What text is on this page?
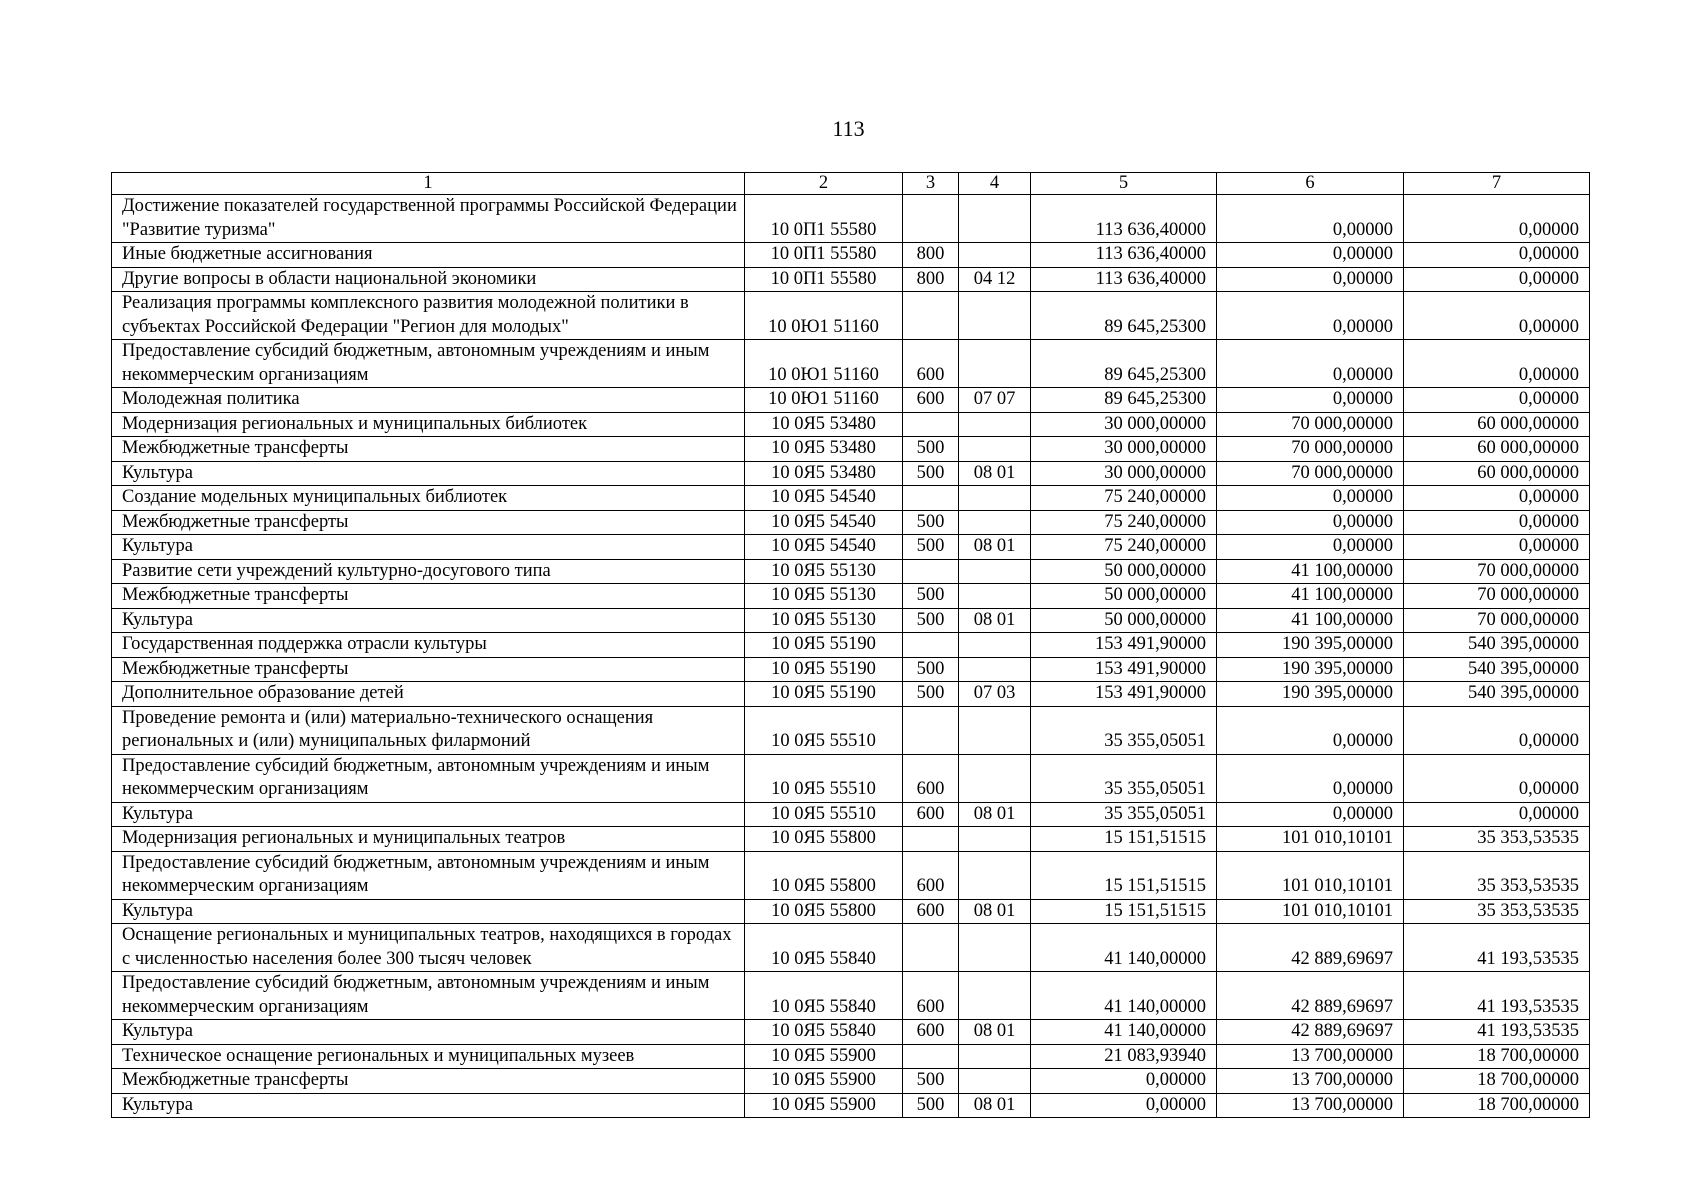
113
1	2	3	4	5	6	7
Достижение показателей государственной программы Российской Федерации "Развитие туризма"	10 0П1 55580			113 636,40000	0,00000	0,00000
Иные бюджетные ассигнования	10 0П1 55580	800		113 636,40000	0,00000	0,00000
Другие вопросы в области национальной экономики	10 0П1 55580	800	04 12	113 636,40000	0,00000	0,00000
Реализация программы комплексного развития молодежной политики в субъектах Российской Федерации "Регион для молодых"	10 0Ю1 51160			89 645,25300	0,00000	0,00000
Предоставление субсидий бюджетным, автономным учреждениям и иным некоммерческим организациям	10 0Ю1 51160	600		89 645,25300	0,00000	0,00000
Молодежная политика	10 0Ю1 51160	600	07 07	89 645,25300	0,00000	0,00000
Модернизация региональных и муниципальных библиотек	10 0Я5 53480			30 000,00000	70 000,00000	60 000,00000
Межбюджетные трансферты	10 0Я5 53480	500		30 000,00000	70 000,00000	60 000,00000
Культура	10 0Я5 53480	500	08 01	30 000,00000	70 000,00000	60 000,00000
Создание модельных муниципальных библиотек	10 0Я5 54540			75 240,00000	0,00000	0,00000
Межбюджетные трансферты	10 0Я5 54540	500		75 240,00000	0,00000	0,00000
Культура	10 0Я5 54540	500	08 01	75 240,00000	0,00000	0,00000
Развитие сети учреждений культурно-досугового типа	10 0Я5 55130			50 000,00000	41 100,00000	70 000,00000
Межбюджетные трансферты	10 0Я5 55130	500		50 000,00000	41 100,00000	70 000,00000
Культура	10 0Я5 55130	500	08 01	50 000,00000	41 100,00000	70 000,00000
Государственная поддержка отрасли культуры	10 0Я5 55190			153 491,90000	190 395,00000	540 395,00000
Межбюджетные трансферты	10 0Я5 55190	500		153 491,90000	190 395,00000	540 395,00000
Дополнительное образование детей	10 0Я5 55190	500	07 03	153 491,90000	190 395,00000	540 395,00000
Проведение ремонта и (или) материально-технического оснащения региональных и (или) муниципальных филармоний	10 0Я5 55510			35 355,05051	0,00000	0,00000
Предоставление субсидий бюджетным, автономным учреждениям и иным некоммерческим организациям	10 0Я5 55510	600		35 355,05051	0,00000	0,00000
Культура	10 0Я5 55510	600	08 01	35 355,05051	0,00000	0,00000
Модернизация региональных и муниципальных театров	10 0Я5 55800			15 151,51515	101 010,10101	35 353,53535
Предоставление субсидий бюджетным, автономным учреждениям и иным некоммерческим организациям	10 0Я5 55800	600		15 151,51515	101 010,10101	35 353,53535
Культура	10 0Я5 55800	600	08 01	15 151,51515	101 010,10101	35 353,53535
Оснащение региональных и муниципальных театров, находящихся в городах с численностью населения более 300 тысяч человек	10 0Я5 55840			41 140,00000	42 889,69697	41 193,53535
Предоставление субсидий бюджетным, автономным учреждениям и иным некоммерческим организациям	10 0Я5 55840	600		41 140,00000	42 889,69697	41 193,53535
Культура	10 0Я5 55840	600	08 01	41 140,00000	42 889,69697	41 193,53535
Техническое оснащение региональных и муниципальных музеев	10 0Я5 55900			21 083,93940	13 700,00000	18 700,00000
Межбюджетные трансферты	10 0Я5 55900	500		0,00000	13 700,00000	18 700,00000
Культура	10 0Я5 55900	500	08 01	0,00000	13 700,00000	18 700,00000
